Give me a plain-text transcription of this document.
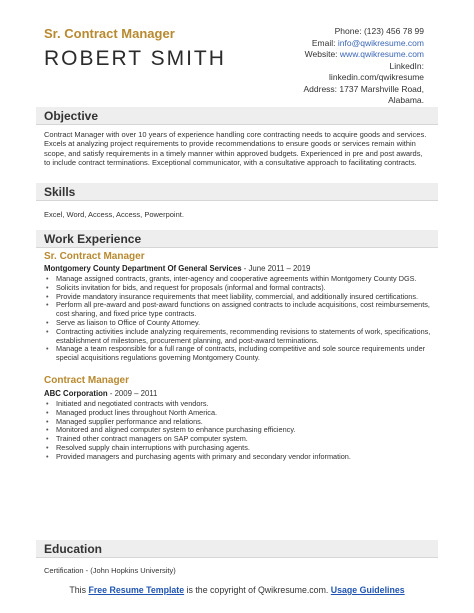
Sr. Contract Manager
ROBERT SMITH
Phone: (123) 456 78 99
Email: info@qwikresume.com
Website: www.qwikresume.com
LinkedIn:
linkedin.com/qwikresume
Address: 1737 Marshville Road,
Alabama.
Objective
Contract Manager with over 10 years of experience handling core contracting needs to acquire goods and services. Excels at analyzing project requirements to provide recommendations to ensure goods or services remain within scope, and satisfy requirements in a timely manner within approved budgets. Experienced in pre and post awards, to include contract terminations. Exceptional communicator, with a consultative approach to facilitating contracts.
Skills
Excel, Word, Access, Access, Powerpoint.
Work Experience
Sr. Contract Manager
Montgomery County Department Of General Services - June 2011 – 2019
• Manage assigned contracts, grants, inter-agency and cooperative agreements within Montgomery County DGS.
• Solicits invitation for bids, and request for proposals (informal and formal contracts).
• Provide mandatory insurance requirements that meet liability, commercial, and additionally insured certifications.
• Perform all pre-award and post-award functions on assigned contracts to include acquisitions, cost reimbursements, cost sharing, and fixed price type contracts.
• Serve as liaison to Office of County Attorney.
• Contracting activities include analyzing requirements, recommending revisions to statements of work, specifications, establishment of milestones, procurement planning, and post-award terminations.
• Manage a team responsible for a full range of contracts, including competitive and sole source requirements under special acquisitions regulations governing Montgomery County.
Contract Manager
ABC Corporation - 2009 – 2011
• Initiated and negotiated contracts with vendors.
• Managed product lines throughout North America.
• Managed supplier performance and relations.
• Monitored and aligned computer system to enhance purchasing efficiency.
• Trained other contract managers on SAP computer system.
• Resolved supply chain interruptions with purchasing agents.
• Provided managers and purchasing agents with primary and secondary vendor information.
Education
Certification - (John Hopkins University)
This Free Resume Template is the copyright of Qwikresume.com. Usage Guidelines
